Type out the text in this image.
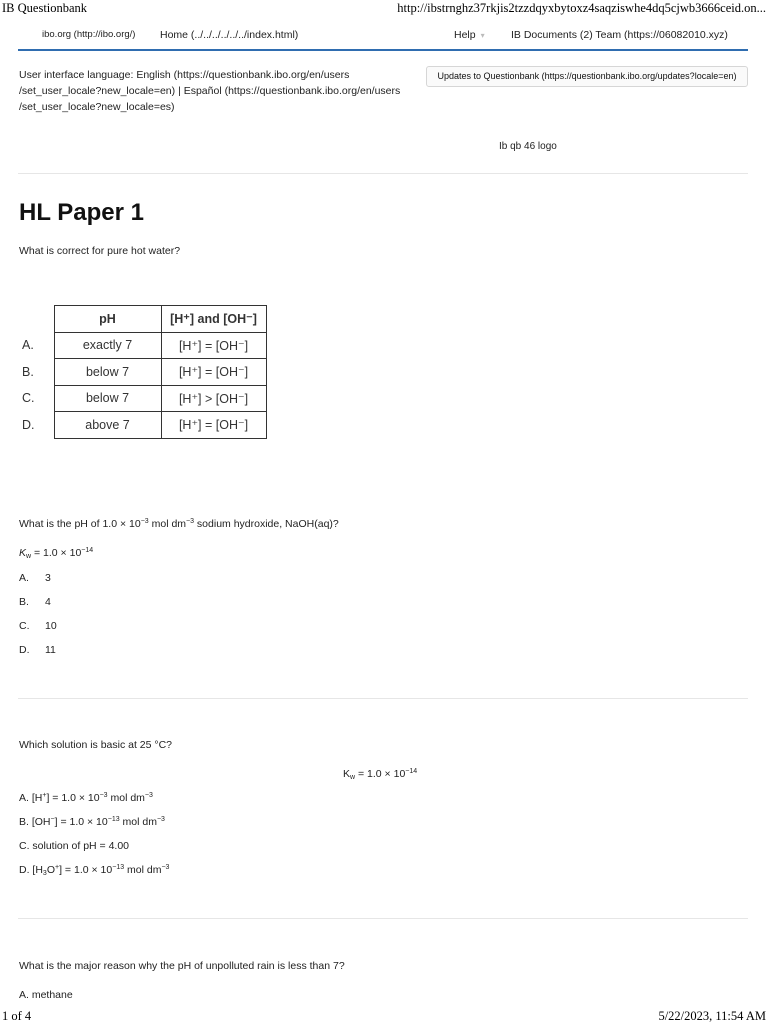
IB Questionbank	http://ibstrnghz37rkjis2tzzdqyxbytoxz4saqziswhe4dq5cjwb3666ceid.on...
ibo.org (http://ibo.org/) Home (../../../../../../index.html)	Help ▾	IB Documents (2) Team (https://06082010.xyz)
User interface language: English (https://questionbank.ibo.org/en/users
/set_user_locale?new_locale=en) | Español (https://questionbank.ibo.org/en/users
/set_user_locale?new_locale=es)
Updates to Questionbank (https://questionbank.ibo.org/updates?locale=en)
Ib qb 46 logo
HL Paper 1
What is correct for pure hot water?
	pH	[H⁺] and [OH⁻]
A.	exactly 7	[H⁺] = [OH⁻]
B.	below 7	[H⁺] = [OH⁻]
C.	below 7	[H⁺] > [OH⁻]
D.	above 7	[H⁺] = [OH⁻]
What is the pH of $1.0 \times 10^{-3}$ mol $dm^{-3}$ sodium hydroxide, NaOH(aq)?
$K_w = 1.0 \times 10^{-14}$
A. 3
B. 4
C. 10
D. 11
Which solution is basic at 25 °C?
$K_w = 1.0 \times 10^{-14}$
A. $[H^+] = 1.0 \times 10^{-3}$ mol $dm^{-3}$
B. $[OH^-] = 1.0 \times 10^{-13}$ mol $dm^{-3}$
C. solution of pH = 4.00
D. $[H_3O^+] = 1.0 \times 10^{-13}$ mol $dm^{-3}$
What is the major reason why the pH of unpolluted rain is less than 7?
A. methane
1 of 4	5/22/2023, 11:54 AM
